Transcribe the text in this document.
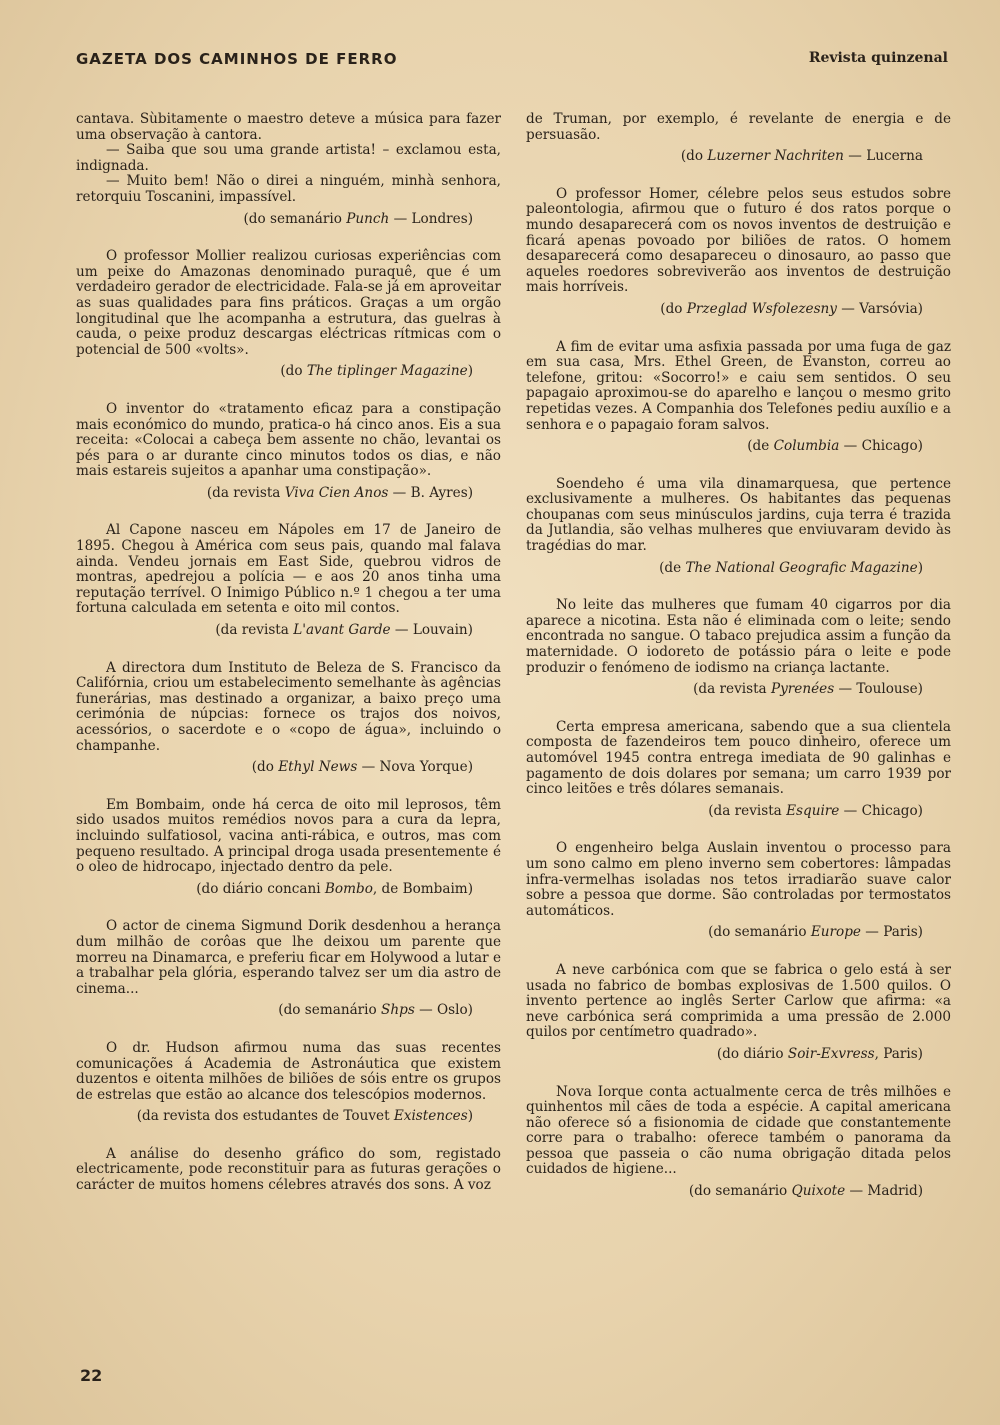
GAZETA DOS CAMINHOS DE FERRO	Revista quinzenal

cantava. Sùbitamente o maestro deteve a música para fazer uma observação à cantora.

— Saiba que sou uma grande artista! – exclamou esta, indignada.

— Muito bem! Não o direi a ninguém, minhà senhora, retorquiu Toscanini, impassível.

(do semanário Punch — Londres)

O professor Mollier realizou curiosas experiências com um peixe do Amazonas denominado puraquê, que é um verdadeiro gerador de electricidade. Fala-se já em aproveitar as suas qualidades para fins práticos. Graças a um orgão longitudinal que lhe acompanha a estrutura, das guelras à cauda, o peixe produz descargas eléctricas rítmicas com o potencial de 500 «volts».

(do The tiplinger Magazine)

O inventor do «tratamento eficaz para a constipação mais económico do mundo, pratica-o há cinco anos. Eis a sua receita: «Colocai a cabeça bem assente no chão, levantai os pés para o ar durante cinco minutos todos os dias, e não mais estareis sujeitos a apanhar uma constipação».

(da revista Viva Cien Anos — B. Ayres)

Al Capone nasceu em Nápoles em 17 de Janeiro de 1895. Chegou à América com seus pais, quando mal falava ainda. Vendeu jornais em East Side, quebrou vidros de montras, apedrejou a polícia — e aos 20 anos tinha uma reputação terrível. O Inimigo Público n.º 1 chegou a ter uma fortuna calculada em setenta e oito mil contos.

(da revista L'avant Garde — Louvain)

A directora dum Instituto de Beleza de S. Francisco da Califórnia, criou um estabelecimento semelhante às agências funerárias, mas destinado a organizar, a baixo preço uma cerimónia de núpcias: fornece os trajos dos noivos, acessórios, o sacerdote e o «copo de água», incluindo o champanhe.

(do Ethyl News — Nova Yorque)

Em Bombaim, onde há cerca de oito mil leprosos, têm sido usados muitos remédios novos para a cura da lepra, incluindo sulfatiosol, vacina anti-rábica, e outros, mas com pequeno resultado. A principal droga usada presentemente é o oleo de hidrocapo, injectado dentro da pele.

(do diário concani Bombo, de Bombaim)

O actor de cinema Sigmund Dorik desdenhou a herança dum milhão de corôas que lhe deixou um parente que morreu na Dinamarca, e preferiu ficar em Holywood a lutar e a trabalhar pela glória, esperando talvez ser um dia astro de cinema...

(do semanário Shps — Oslo)

O dr. Hudson afirmou numa das suas recentes comunicações á Academia de Astronáutica que existem duzentos e oitenta milhões de biliões de sóis entre os grupos de estrelas que estão ao alcance dos telescópios modernos.

(da revista dos estudantes de Touvet Existences)

A análise do desenho gráfico do som, registado electricamente, pode reconstituir para as futuras gerações o carácter de muitos homens célebres através dos sons. A voz

de Truman, por exemplo, é revelante de energia e de persuasão.

(do Luzerner Nachriten — Lucerna

O professor Homer, célebre pelos seus estudos sobre paleontologia, afirmou que o futuro é dos ratos porque o mundo desaparecerá com os novos inventos de destruição e ficará apenas povoado por biliões de ratos. O homem desaparecerá como desapareceu o dinosauro, ao passo que aqueles roedores sobreviverão aos inventos de destruição mais horríveis.

(do Przeglad Wsfolezesny — Varsóvia)

A fim de evitar uma asfixia passada por uma fuga de gaz em sua casa, Mrs. Ethel Green, de Evanston, correu ao telefone, gritou: «Socorro!» e caiu sem sentidos. O seu papagaio aproximou-se do aparelho e lançou o mesmo grito repetidas vezes. A Companhia dos Telefones pediu auxílio e a senhora e o papagaio foram salvos.

(de Columbia — Chicago)

Soendeho é uma vila dinamarquesa, que pertence exclusivamente a mulheres. Os habitantes das pequenas choupanas com seus minúsculos jardins, cuja terra é trazida da Jutlandia, são velhas mulheres que enviuvaram devido às tragédias do mar.

(de The National Geografic Magazine)

No leite das mulheres que fumam 40 cigarros por dia aparece a nicotina. Esta não é eliminada com o leite; sendo encontrada no sangue. O tabaco prejudica assim a função da maternidade. O iodoreto de potássio pára o leite e pode produzir o fenómeno de iodismo na criança lactante.

(da revista Pyrenées — Toulouse)

Certa empresa americana, sabendo que a sua clientela composta de fazendeiros tem pouco dinheiro, oferece um automóvel 1945 contra entrega imediata de 90 galinhas e pagamento de dois dolares por semana; um carro 1939 por cinco leitões e três dólares semanais.

(da revista Esquire — Chicago)

O engenheiro belga Auslain inventou o processo para um sono calmo em pleno inverno sem cobertores: lâmpadas infra-vermelhas isoladas nos tetos irradiarão suave calor sobre a pessoa que dorme. São controladas por termostatos automáticos.

(do semanário Europe — Paris)

A neve carbónica com que se fabrica o gelo está à ser usada no fabrico de bombas explosivas de 1.500 quilos. O invento pertence ao inglês Serter Carlow que afirma: «a neve carbónica será comprimida a uma pressão de 2.000 quilos por centímetro quadrado».

(do diário Soir-Exvress, Paris)

Nova Iorque conta actualmente cerca de três milhões e quinhentos mil cães de toda a espécie. A capital americana não oferece só a fisionomia de cidade que constantemente corre para o trabalho: oferece também o panorama da pessoa que passeia o cão numa obrigação ditada pelos cuidados de higiene...

(do semanário Quixote — Madrid)
22
